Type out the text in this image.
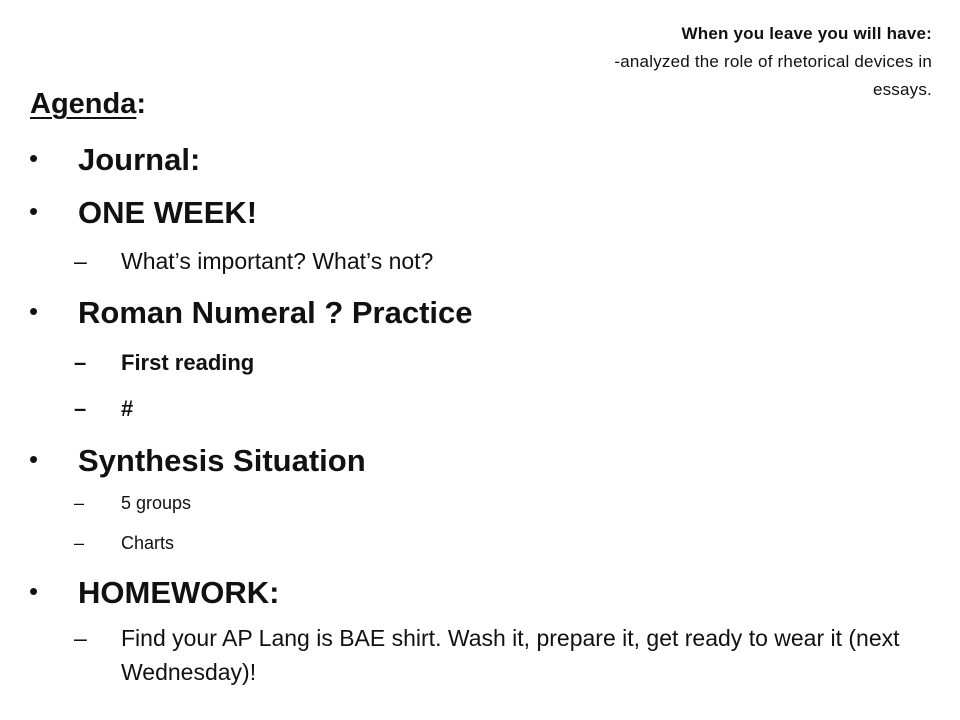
When you leave you will have:
-analyzed the role of rhetorical devices in
essays.
Agenda:
• Journal:
• ONE WEEK!
– What’s important? What’s not?
• Roman Numeral ? Practice
– First reading
– #
• Synthesis Situation
– 5 groups
– Charts
• HOMEWORK:
– Find your AP Lang is BAE shirt. Wash it, prepare it, get ready to wear it (next Wednesday)!
